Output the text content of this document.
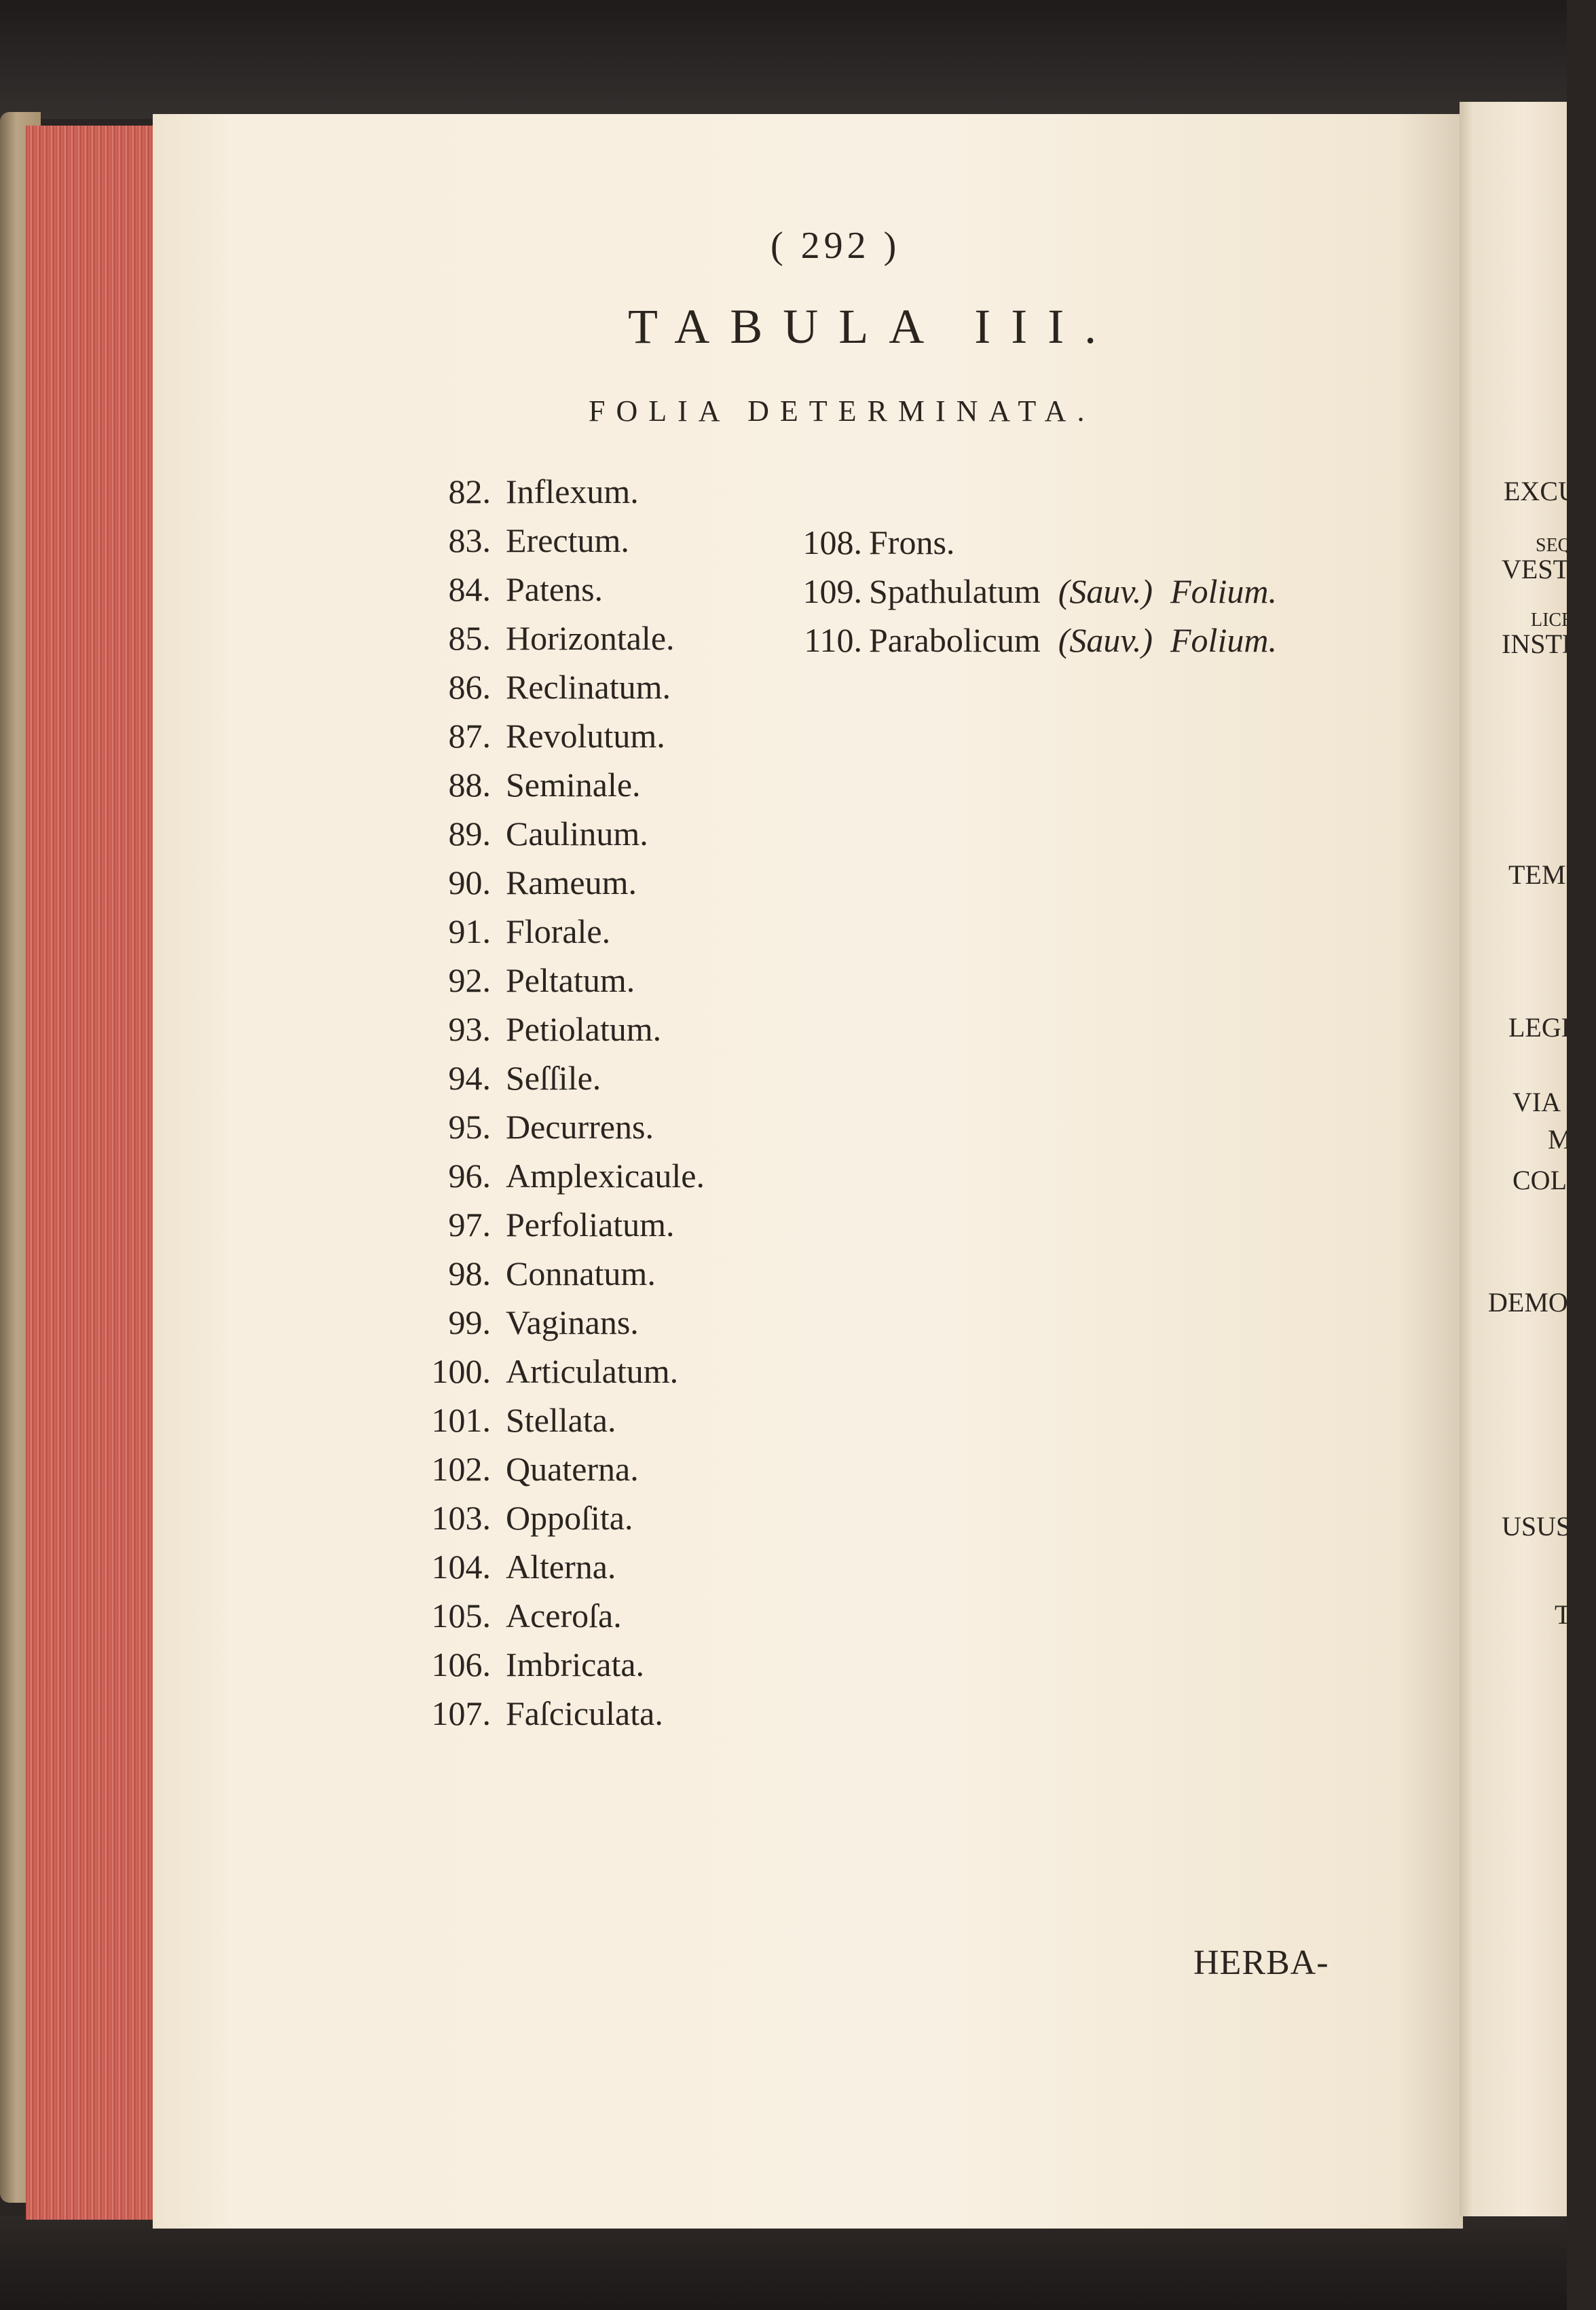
( 292 )
TABULA III.
FOLIA DETERMINATA.
82. Inflexum.
83. Erectum.
84. Patens.
85. Horizontale.
86. Reclinatum.
87. Revolutum.
88. Seminale.
89. Caulinum.
90. Rameum.
91. Florale.
92. Peltatum.
93. Petiolatum.
94. Seſſile.
95. Decurrens.
96. Amplexicaule.
97. Perfoliatum.
98. Connatum.
99. Vaginans.
100. Articulatum.
101. Stellata.
102. Quaterna.
103. Oppoſita.
104. Alterna.
105. Aceroſa.
106. Imbricata.
107. Faſciculata.
108. Frons.
109. Spathulatum (Sauv.) Folium.
110. Parabolicum (Sauv.) Folium.
HERBA-
EXCUR
ſeq
VESTI
lice
INSTR
TEMP
LEGES
VIA :
M
COLL
DEMON
USUS :
T
